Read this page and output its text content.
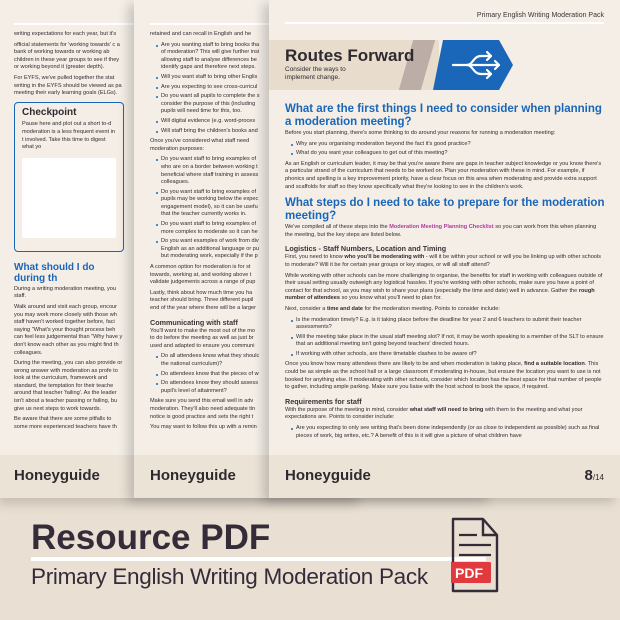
writing expectations for each year, but it's

official statements for 'working towards' c a bank of working towards or working ab children in these year groups to see if they or working beyond it (greater depth).

For EYFS, we've pulled together the stat writing in the EYFS should be viewed as pa meeting their early learning goals (ELGs).

Checkpoint

Pause here and plot out a short to-d moderation is a less frequent event in t involved. Take this time to digest what yo

What should I do during th

During a writing moderation meeting, you staff.

Walk around and visit each group, encour you may work more closely with those wh staff haven't worked together before, faci saying "What's your thought process beh can feel less judgemental than "Why have y don't know each other as you might find th colleagues.

During the meeting, you can also provide or wrong answer with moderation as profe to look at the curriculum, framework and standard, the temptation for their teache around that teacher 'failing'. As the leader isn't about a teacher passing or failing, bu give us next steps to work towards.

Be aware that there are some pitfalls to some more experienced teachers have th

Honeyguide

retained and can recall in English and he

Are you wanting staff to bring books tha of moderation? This will give further insi allowing staff to analyse differences be identify gaps and therefore next steps.
Will you want staff to bring other Englis
Are you expecting to see cross-curricul
Do you want all pupils to complete the s consider the purpose of this (including pupils will need time for this, too.
Will digital evidence (e.g. word-proces
Will staff bring the children's books and

Once you've considered what staff need moderation purposes:

Do you want staff to bring examples of who are on a border between working t beneficial where staff training in assess colleagues.
Do you want staff to bring examples of pupils may be working below the expec engagement model), so it can be usefu that the teacher currently works in.
Do you want staff to bring examples of more complex to moderate so it can he
Do you want examples of work from div English as an additional language or pu but moderating work, especially if the p

A common option for moderation is for st towards, working at, and working above t validate judgements across a range of pup

Lastly, think about how much time you ha teacher should bring. Three different pupil end of the year where there will be a larger

Communicating with staff

You'll want to make the most out of the mo to do before the meeting as well as just br used and adapted to ensure you communi

Do all attendees know what they shoulc the national curriculum)?
Do attendees know that the pieces of w
Do attendees know they should assess pupil's level of attainment?

Make sure you send this email well in adv moderation. They'll also need adequate tin notice is good practice and sets the right t

You may want to follow this up with a remin

Honeyguide
Primary English Writing Moderation Pack
Routes Forward
Consider the ways to implement change.
What are the first things I need to consider when planning a moderation meeting?

Before you start planning, there's some thinking to do around your reasons for running a moderation meeting:

Why are you organising moderation beyond the fact it's good practice?
What do you want your colleagues to get out of this meeting?

As an English or curriculum leader, it may be that you're aware there are gaps in teacher subject knowledge or you know there's a particular strand of the curriculum that needs to be worked on. Plan your moderation with these in mind. For example, if phonics and spelling is a key improvement priority, have a clear focus on this area when moderating and provide extra support and scaffolds for staff so they know specifically what they're looking to see in the children's work.

What steps do I need to take to prepare for the moderation meeting?

We've compiled all of these steps into the Moderation Meeting Planning Checklist so you can work from this when planning the meeting, but the key steps are listed below.

Logistics - Staff Numbers, Location and Timing

First, you need to know who you'll be moderating with - will it be within your school or will you be linking up with other schools to moderate? Will it be for certain year groups or key stages, or will all staff attend?

While working with other schools can be more challenging to organise, the benefits for staff in working with colleagues outside of their usual setting usually outweigh any logistical hassles. If you're working with other schools, make sure you have a point of contact for that school, as you may wish to share your plans (especially the time and date) well in advance. Gather the rough number of attendees so you know what you'll need to plan for.

Next, consider a time and date for the moderation meeting. Points to consider include:

Is the moderation timely? E.g. is it taking place before the deadline for year 2 and 6 teachers to submit their teacher assessments?
Will the meeting take place in the usual staff meeting slot? If not, it may be worth speaking to a member of the SLT to ensure that an additional meeting isn't going beyond teachers' directed hours.
If working with other schools, are there timetable clashes to be aware of?

Once you know how many attendees there are likely to be and when moderation is taking place, find a suitable location. This could be as simple as the school hall or a large classroom if moderating in-house, but ensure the location you want to use is not booked for anything else. If moderating with other schools, consider which location has the best space for that number of people to gather, including ample parking. Make sure you liaise with the host school to book the space, if required.

Requirements for staff

With the purpose of the meeting in mind, consider what staff will need to bring with them to the meeting and what your expectations are. Points to consider include:

Are you expecting to only see writing that's been done independently (or as close to independent as possible) such as final pieces of work, big writes, etc.? A benefit of this is it will give a picture of what children have
Honeyguide	8/14
Resource PDF
Primary English Writing Moderation Pack PDF
